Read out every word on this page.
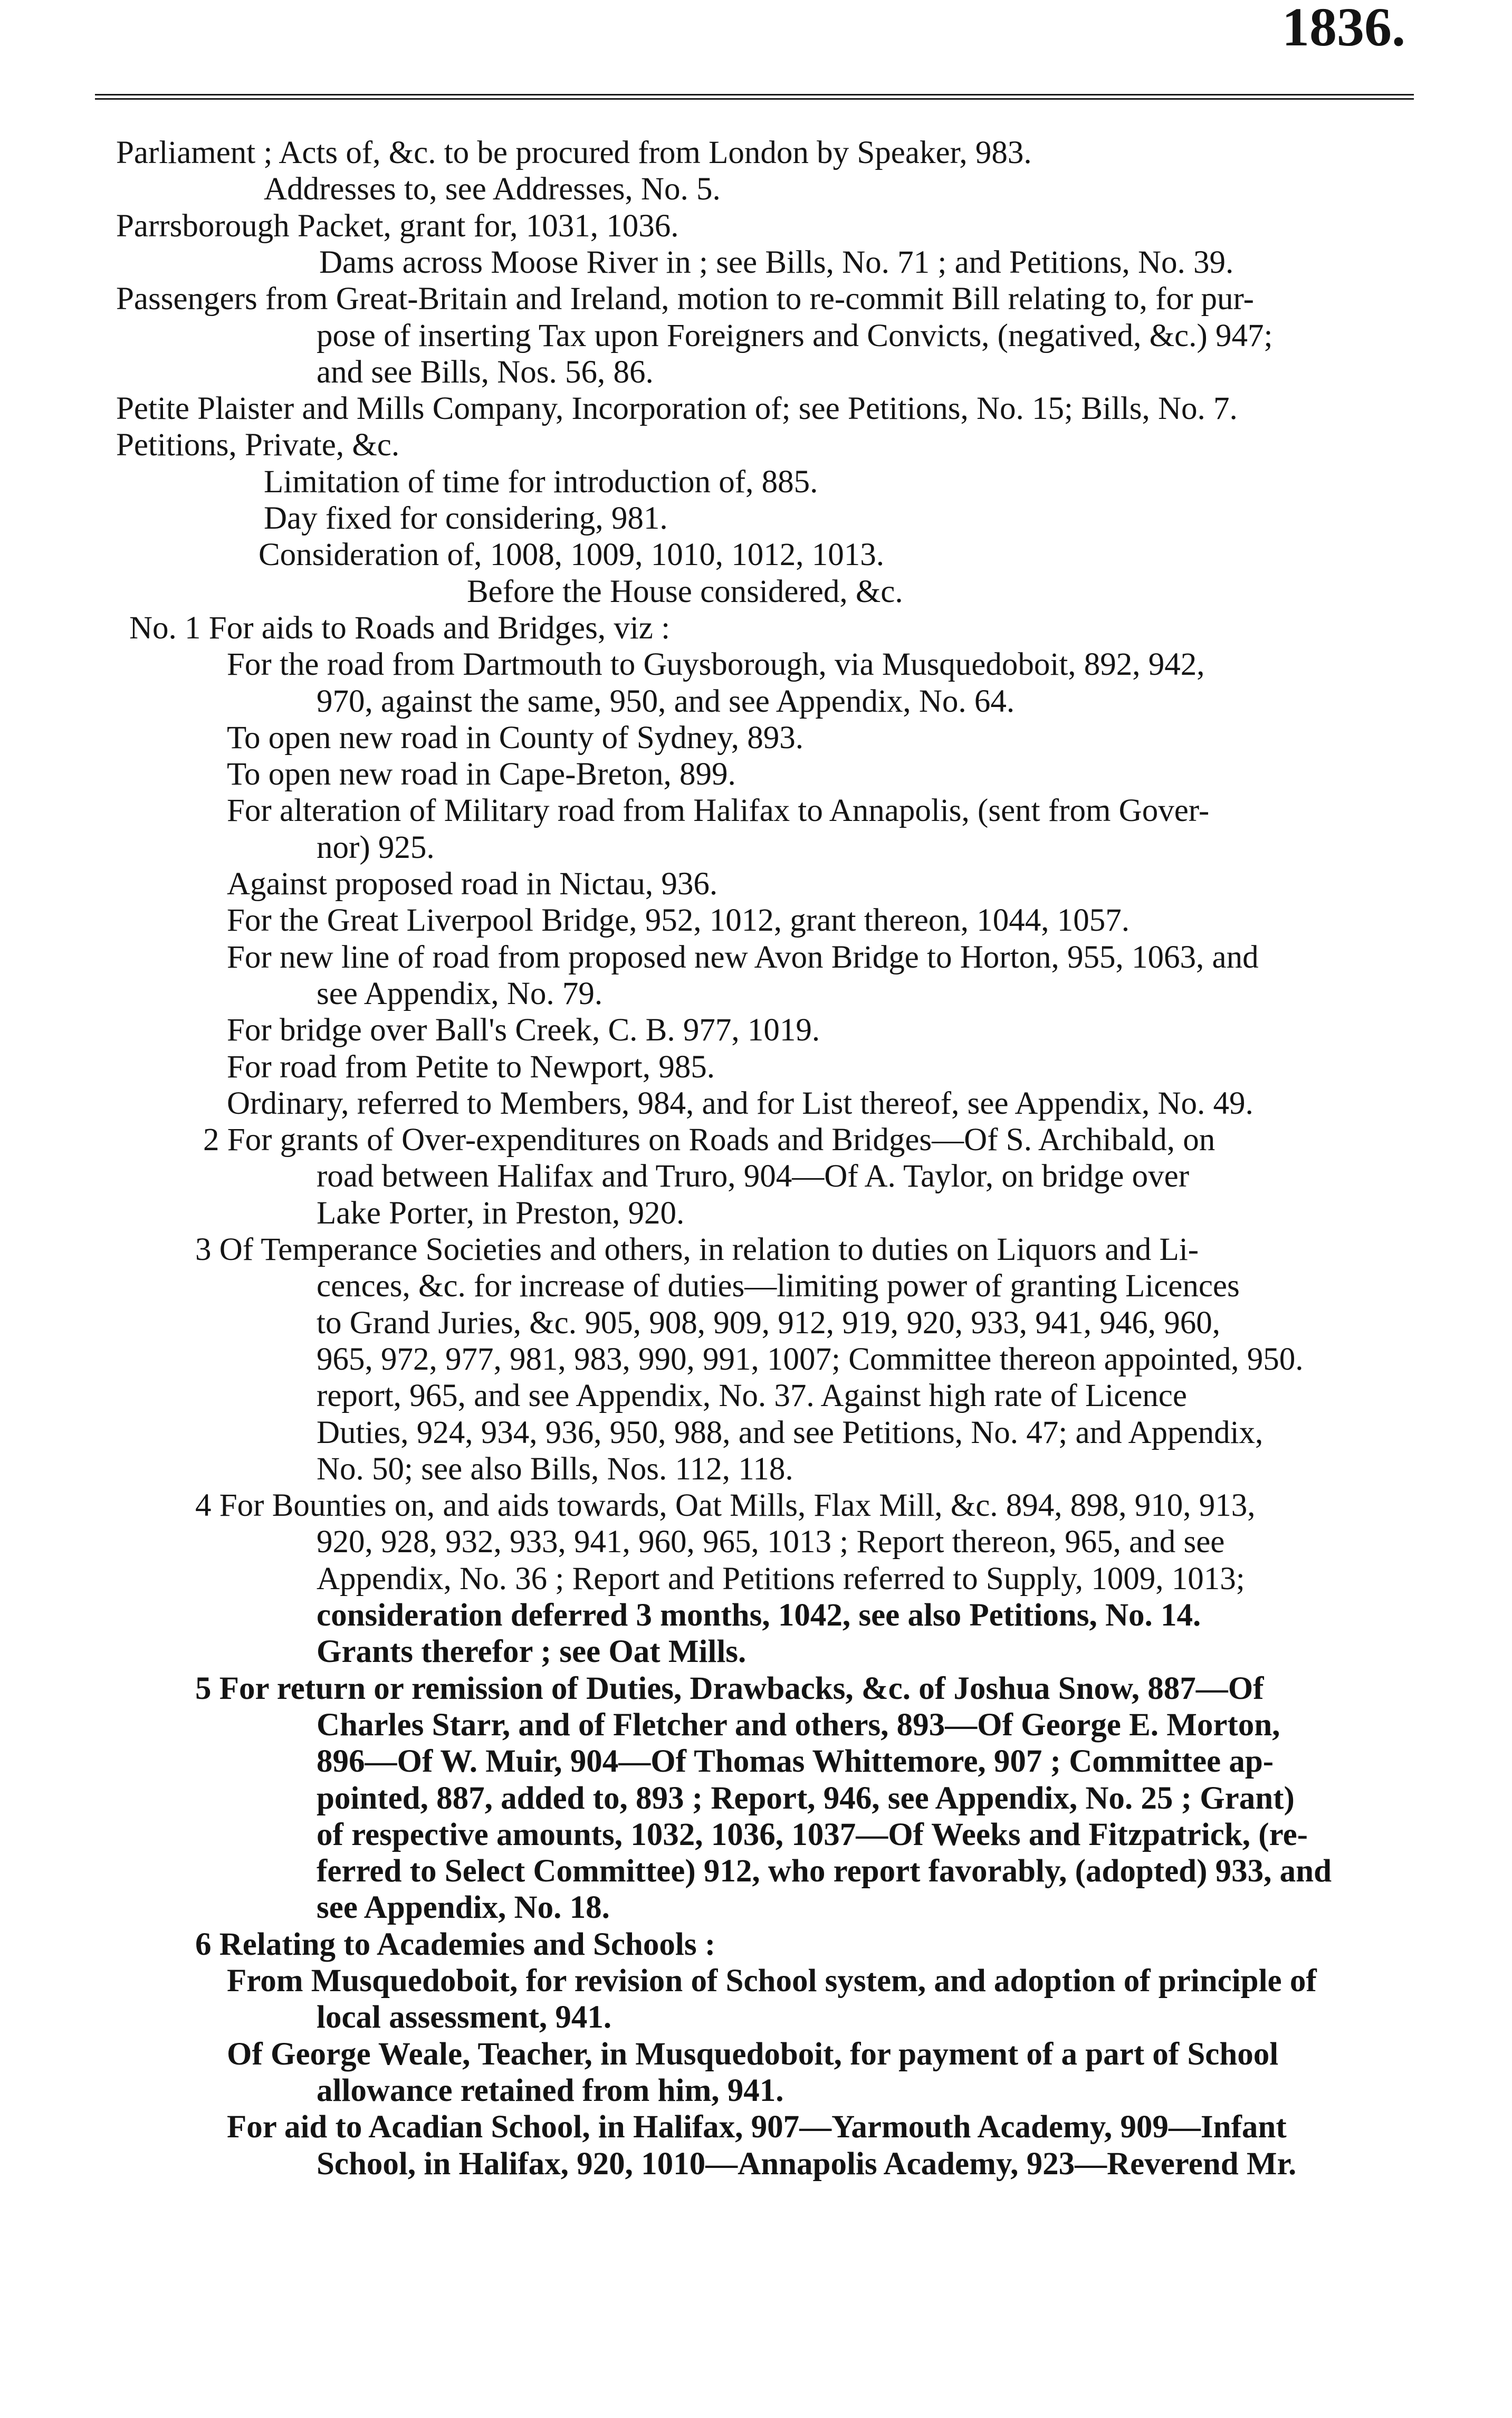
1836.

Parliament ; Acts of, &c. to be procured from London by Speaker, 983.

Addresses to, see Addresses, No. 5.

Parrsborough Packet, grant for, 1031, 1036.

Dams across Moose River in ; see Bills, No. 71 ; and Petitions, No. 39.

Passengers from Great-Britain and Ireland, motion to re-commit Bill relating to, for pur-

pose of inserting Tax upon Foreigners and Convicts, (negatived, &c.) 947;

and see Bills, Nos. 56, 86.

Petite Plaister and Mills Company, Incorporation of; see Petitions, No. 15; Bills, No. 7.

Petitions, Private, &c.

Limitation of time for introduction of, 885.

Day fixed for considering, 981.

Consideration of, 1008, 1009, 1010, 1012, 1013.

Before the House considered, &c.

No. 1 For aids to Roads and Bridges, viz :

For the road from Dartmouth to Guysborough, via Musquedoboit, 892, 942,

970, against the same, 950, and see Appendix, No. 64.

To open new road in County of Sydney, 893.

To open new road in Cape-Breton, 899.

For alteration of Military road from Halifax to Annapolis, (sent from Gover-

nor) 925.

Against proposed road in Nictau, 936.

For the Great Liverpool Bridge, 952, 1012, grant thereon, 1044, 1057.

For new line of road from proposed new Avon Bridge to Horton, 955, 1063, and

see Appendix, No. 79.

For bridge over Ball's Creek, C. B. 977, 1019.

For road from Petite to Newport, 985.

Ordinary, referred to Members, 984, and for List thereof, see Appendix, No. 49.

2 For grants of Over-expenditures on Roads and Bridges—Of S. Archibald, on

road between Halifax and Truro, 904—Of A. Taylor, on bridge over

Lake Porter, in Preston, 920.

3 Of Temperance Societies and others, in relation to duties on Liquors and Li-

cences, &c. for increase of duties—limiting power of granting Licences

to Grand Juries, &c. 905, 908, 909, 912, 919, 920, 933, 941, 946, 960,

965, 972, 977, 981, 983, 990, 991, 1007; Committee thereon appointed, 950.

report, 965, and see Appendix, No. 37. Against high rate of Licence

Duties, 924, 934, 936, 950, 988, and see Petitions, No. 47; and Appendix,

No. 50; see also Bills, Nos. 112, 118.

4 For Bounties on, and aids towards, Oat Mills, Flax Mill, &c. 894, 898, 910, 913,

920, 928, 932, 933, 941, 960, 965, 1013 ; Report thereon, 965, and see

Appendix, No. 36 ; Report and Petitions referred to Supply, 1009, 1013;

consideration deferred 3 months, 1042, see also Petitions, No. 14.

Grants therefor ; see Oat Mills.

5 For return or remission of Duties, Drawbacks, &c. of Joshua Snow, 887—Of

Charles Starr, and of Fletcher and others, 893—Of George E. Morton,

896—Of W. Muir, 904—Of Thomas Whittemore, 907 ; Committee ap-

pointed, 887, added to, 893 ; Report, 946, see Appendix, No. 25 ; Grant)

of respective amounts, 1032, 1036, 1037—Of Weeks and Fitzpatrick, (re-

ferred to Select Committee) 912, who report favorably, (adopted) 933, and

see Appendix, No. 18.

6 Relating to Academies and Schools :

From Musquedoboit, for revision of School system, and adoption of principle of

local assessment, 941.

Of George Weale, Teacher, in Musquedoboit, for payment of a part of School

allowance retained from him, 941.

For aid to Acadian School, in Halifax, 907—Yarmouth Academy, 909—Infant

School, in Halifax, 920, 1010—Annapolis Academy, 923—Reverend Mr.
